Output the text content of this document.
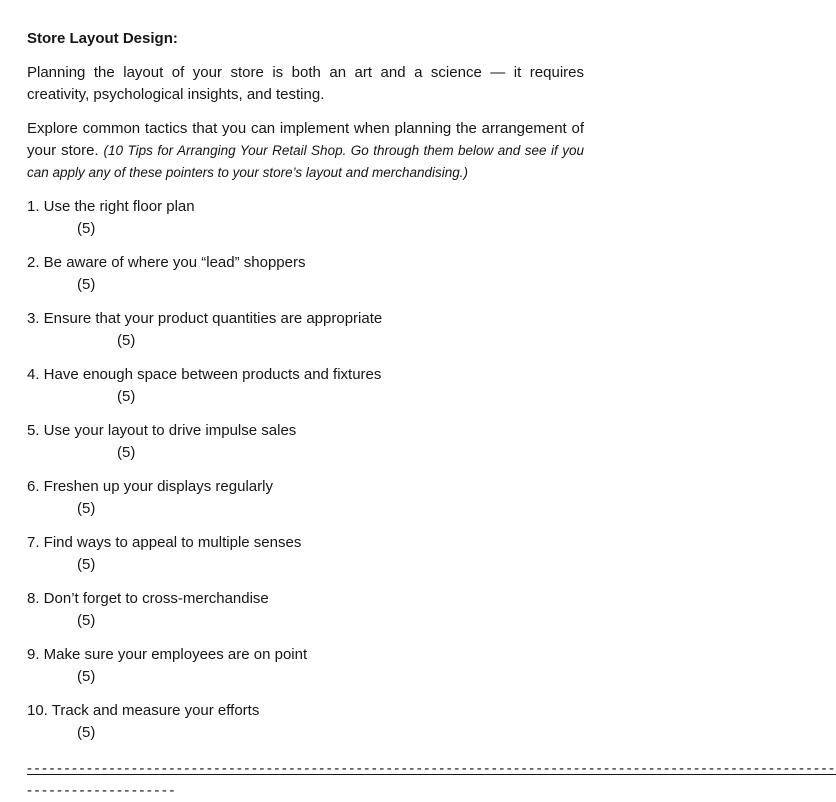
Store Layout Design:

Planning the layout of your store is both an art and a science — it requires creativity, psychological insights, and testing.

Explore common tactics that you can implement when planning the arrangement of your store. (10 Tips for Arranging Your Retail Shop. Go through them below and see if you can apply any of these pointers to your store’s layout and merchandising.)

1. Use the right floor plan
(5)
2. Be aware of where you “lead” shoppers
(5)
3. Ensure that your product quantities are appropriate
(5)
4. Have enough space between products and fixtures
(5)
5. Use your layout to drive impulse sales
(5)
6. Freshen up your displays regularly
(5)
7. Find ways to appeal to multiple senses
(5)
8. Don’t forget to cross-merchandise
(5)
9. Make sure your employees are on point
(5)
10. Track and measure your efforts
(5)
------------------------------------------------------------------------------------------------------------
--------------------
